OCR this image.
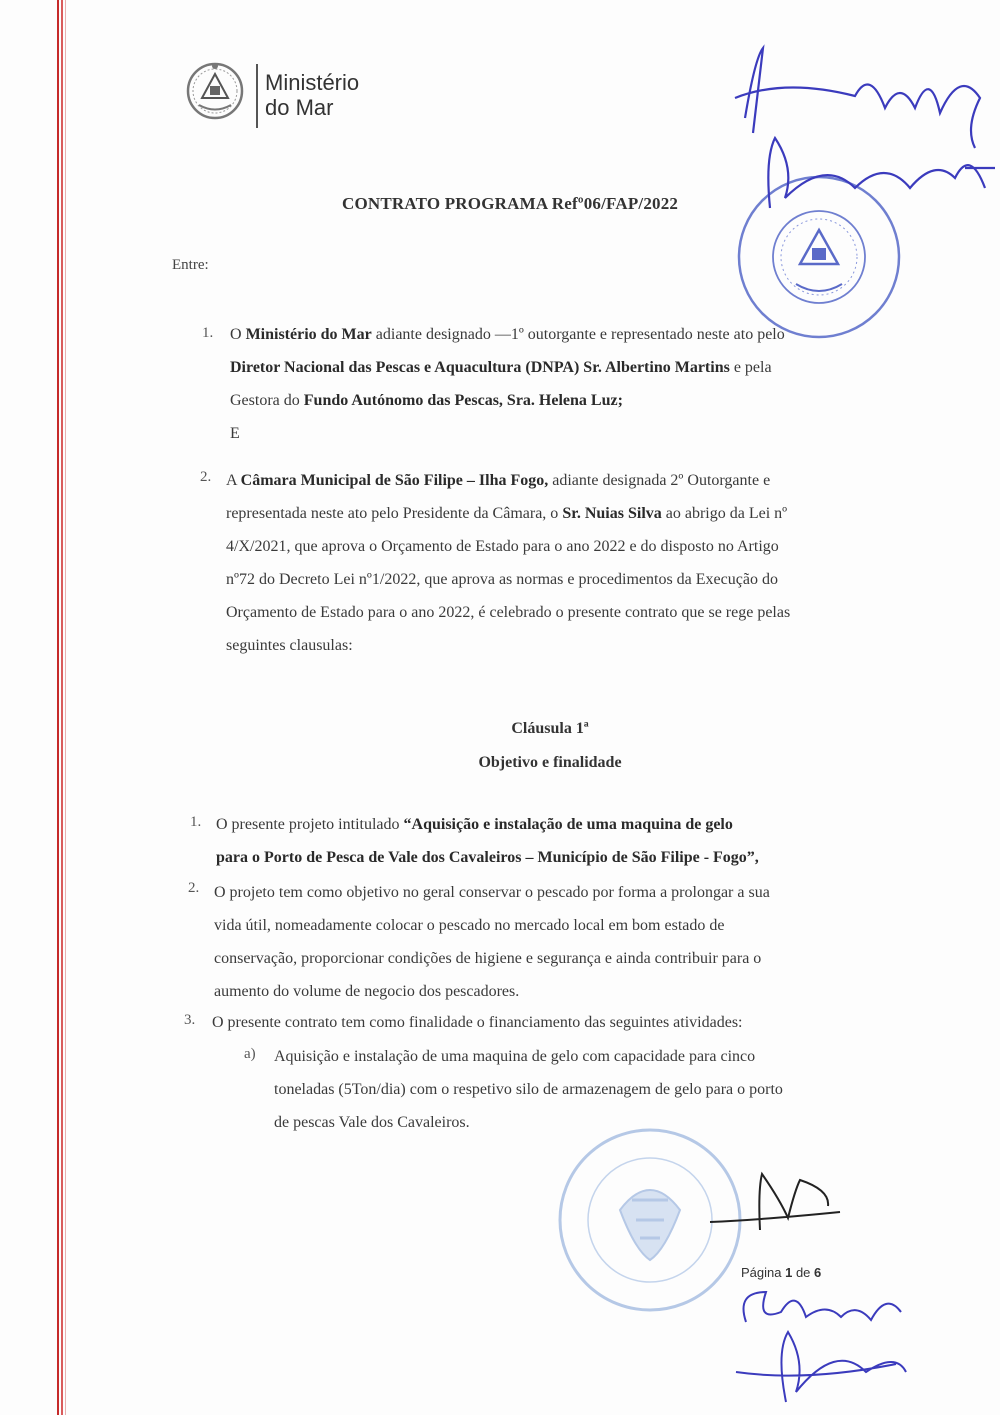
Ministério
do Mar
CONTRATO PROGRAMA Refº06/FAP/2022
Entre:
1. O Ministério do Mar adiante designado —1º outorgante e representado neste ato pelo
Diretor Nacional das Pescas e Aquacultura (DNPA) Sr. Albertino Martins e pela
Gestora do Fundo Autónomo das Pescas, Sra. Helena Luz;
E
2. A Câmara Municipal de São Filipe – Ilha Fogo, adiante designada 2º Outorgante e
representada neste ato pelo Presidente da Câmara, o Sr. Nuias Silva ao abrigo da Lei nº
4/X/2021, que aprova o Orçamento de Estado para o ano 2022 e do disposto no Artigo
nº72 do Decreto Lei nº1/2022, que aprova as normas e procedimentos da Execução do
Orçamento de Estado para o ano 2022, é celebrado o presente contrato que se rege pelas
seguintes clausulas:
Cláusula 1ª
Objetivo e finalidade
1. O presente projeto intitulado “Aquisição e instalação de uma maquina de gelo
para o Porto de Pesca de Vale dos Cavaleiros – Município de São Filipe - Fogo”,
2. O projeto tem como objetivo no geral conservar o pescado por forma a prolongar a sua
vida útil, nomeadamente colocar o pescado no mercado local em bom estado de
conservação, proporcionar condições de higiene e segurança e ainda contribuir para o
aumento do volume de negocio dos pescadores.
3. O presente contrato tem como finalidade o financiamento das seguintes atividades:
a) Aquisição e instalação de uma maquina de gelo com capacidade para cinco
toneladas (5Ton/dia) com o respetivo silo de armazenagem de gelo para o porto
de pescas Vale dos Cavaleiros.
Página 1 de 6
